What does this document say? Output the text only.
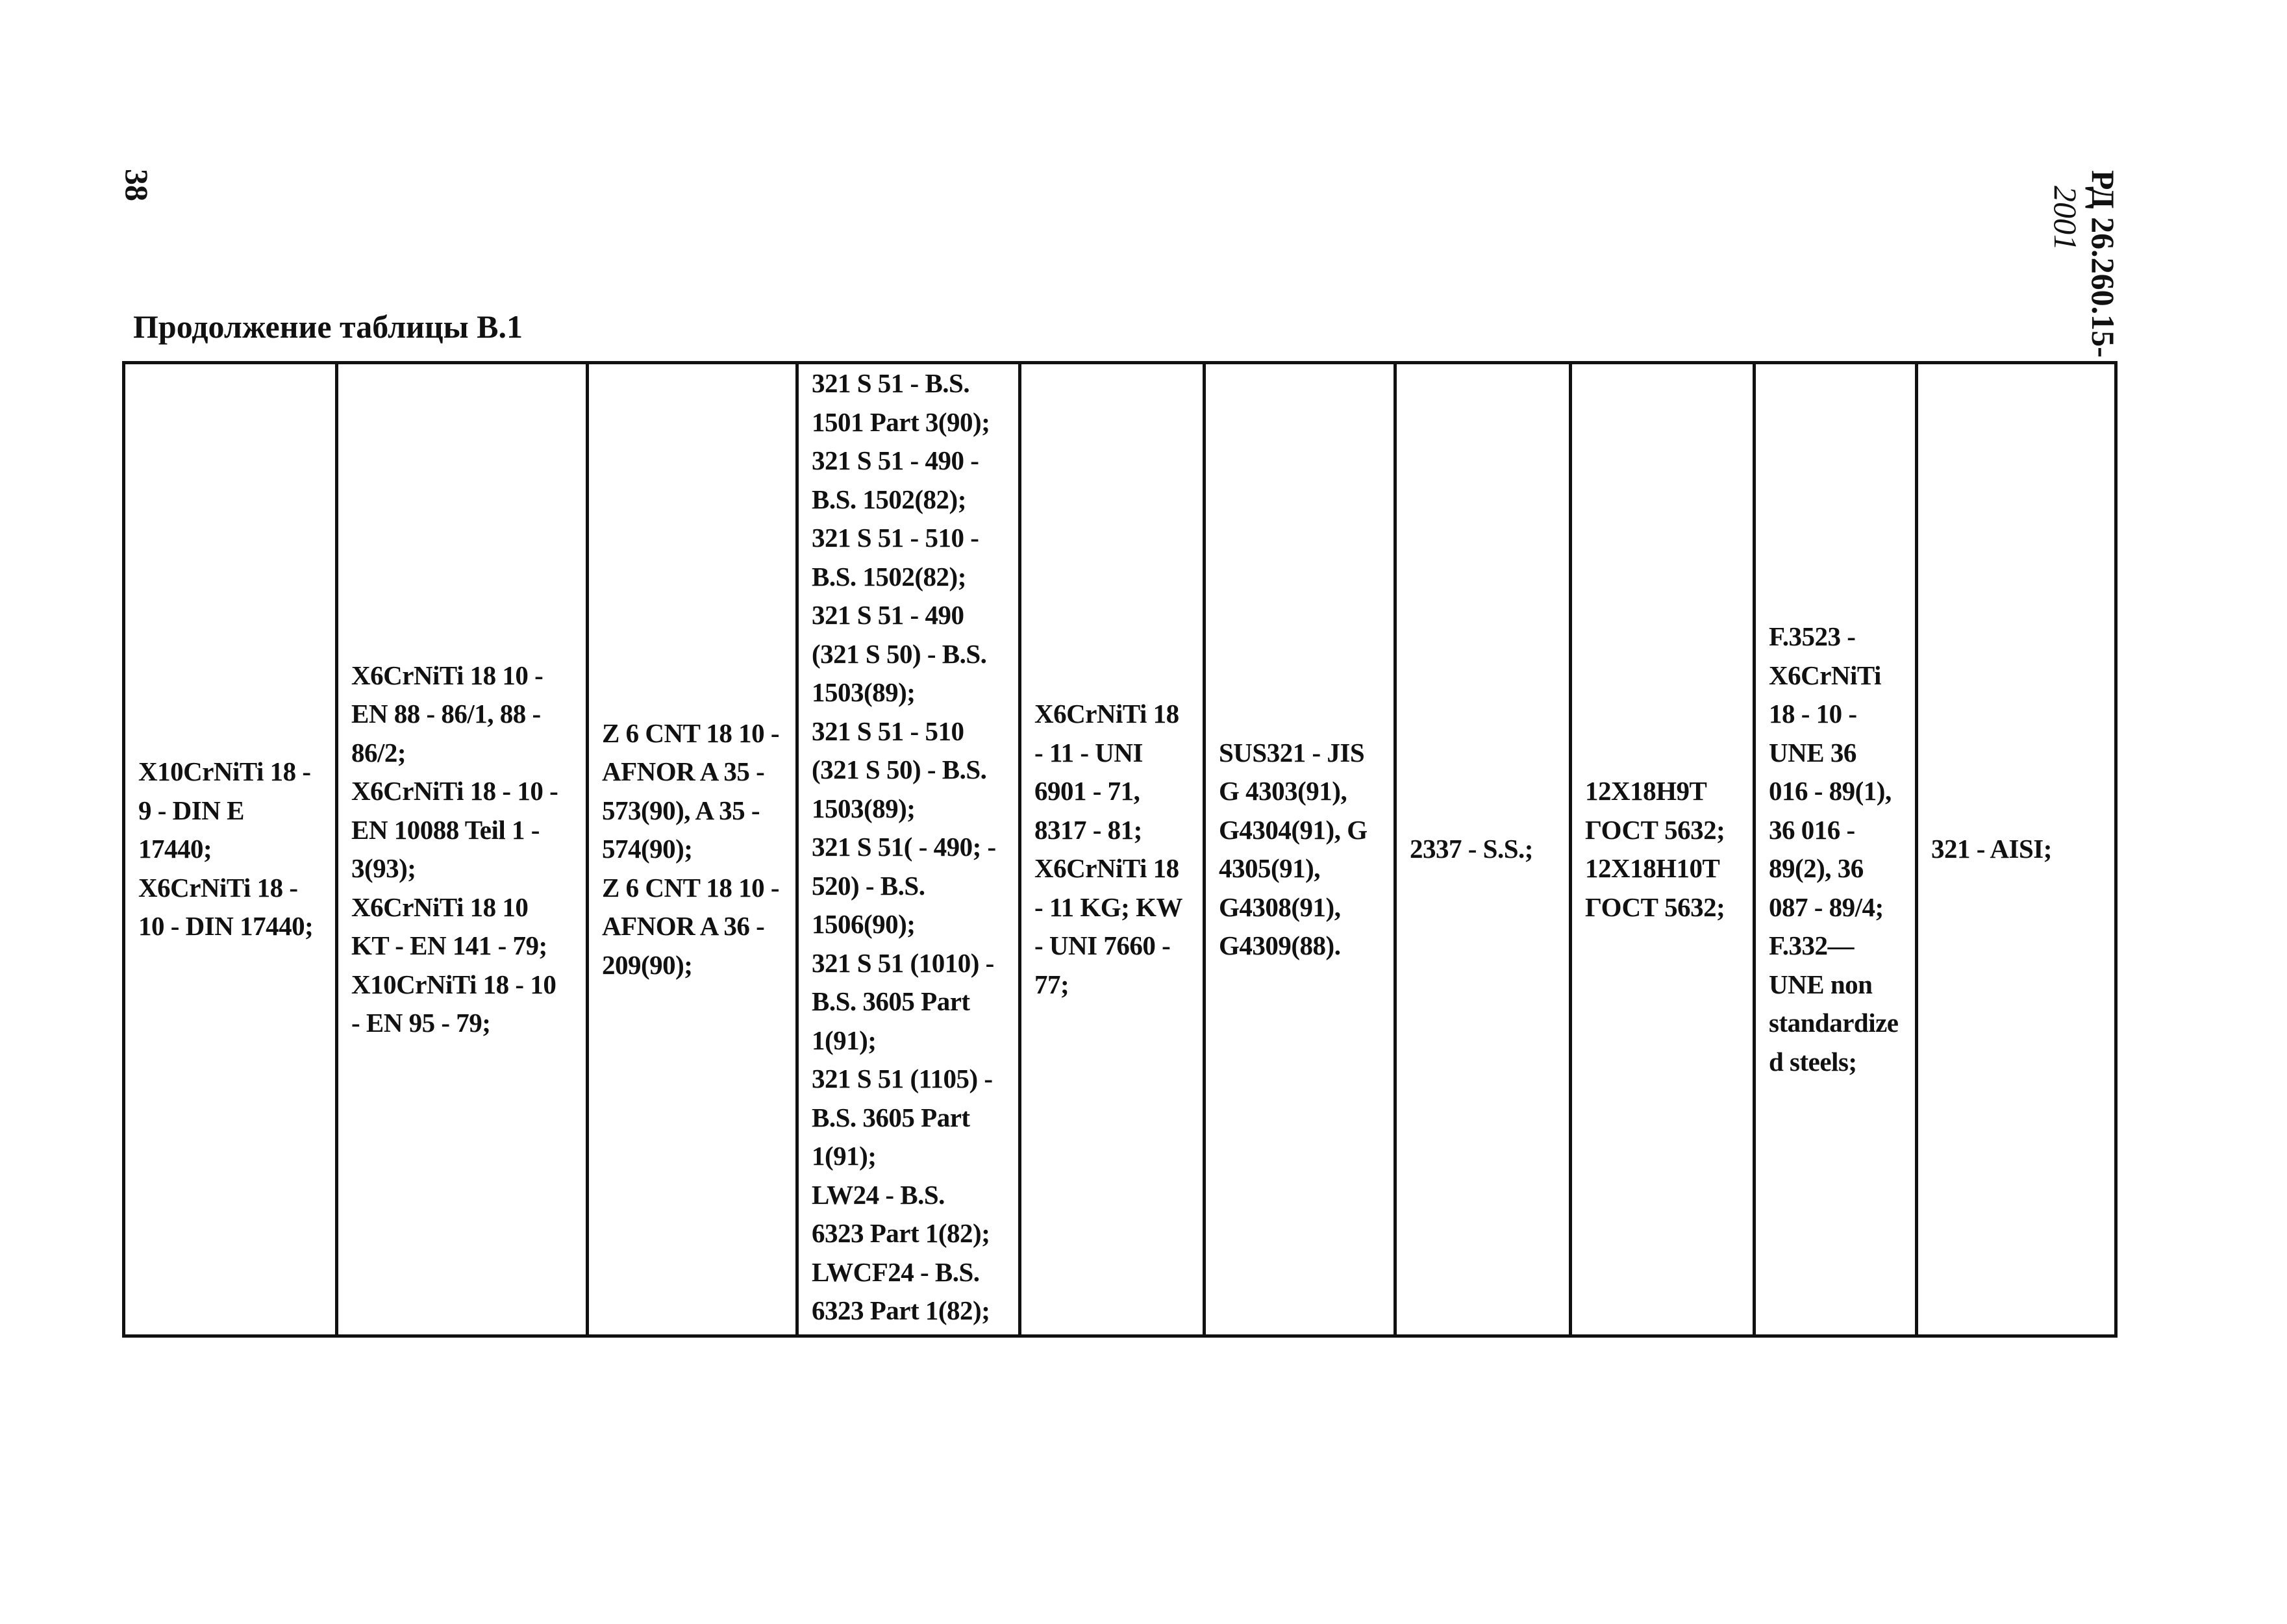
38	РД 26.260.15-
2001
Продолжение таблицы В.1
X10CrNiTi 18 -
9 - DIN E
17440;
X6CrNiTi 18 -
10 - DIN 17440;

X6CrNiTi 18 10 -
EN 88 - 86/1, 88 -
86/2;
X6CrNiTi 18 - 10 -
EN 10088 Teil 1 -
3(93);
X6CrNiTi 18 10
KT - EN 141 - 79;
X10CrNiTi 18 - 10
- EN 95 - 79;

Z 6 CNT 18 10 -
AFNOR A 35 -
573(90), A 35 -
574(90);
Z 6 CNT 18 10 -
AFNOR A 36 -
209(90);

321 S 51 - B.S.
1501 Part 3(90);
321 S 51 - 490 -
B.S. 1502(82);
321 S 51 - 510 -
B.S. 1502(82);
321 S 51 - 490
(321 S 50) - B.S.
1503(89);
321 S 51 - 510
(321 S 50) - B.S.
1503(89);
321 S 51( - 490; -
520) - B.S.
1506(90);
321 S 51 (1010) -
B.S. 3605 Part
1(91);
321 S 51 (1105) -
B.S. 3605 Part
1(91);
LW24 - B.S.
6323 Part 1(82);
LWCF24 - B.S.
6323 Part 1(82);

X6CrNiTi 18
- 11 - UNI
6901 - 71,
8317 - 81;
X6CrNiTi 18
- 11 KG; KW
- UNI 7660 -
77;

SUS321 - JIS
G 4303(91),
G4304(91), G
4305(91),
G4308(91),
G4309(88).

2337 - S.S.;

12Х18Н9Т
ГОСТ 5632;
12Х18Н10Т
ГОСТ 5632;

F.3523 -
X6CrNiTi
18 - 10 -
UNE 36
016 - 89(1),
36 016 -
89(2), 36
087 - 89/4;
F.332—
UNE non
standardize
d steels;

321 - AISI;
